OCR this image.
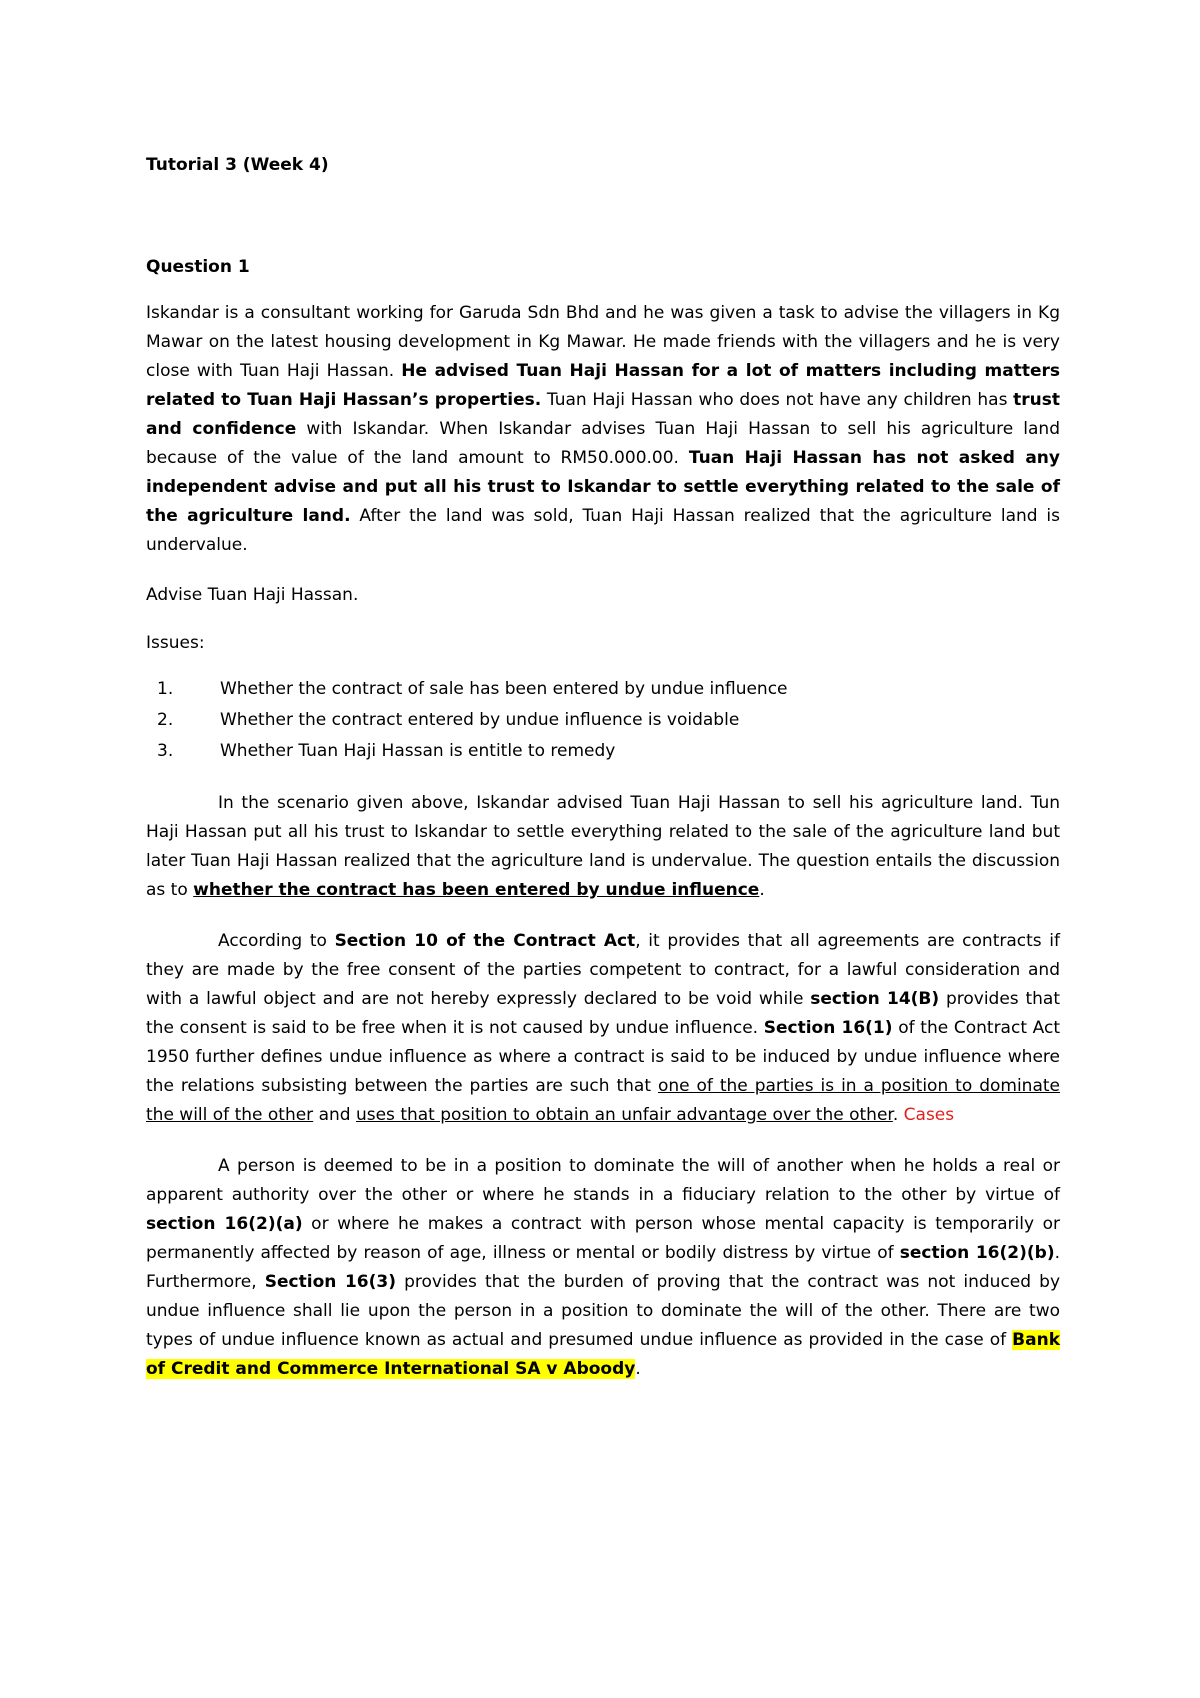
Tutorial 3 (Week 4)

Question 1

Iskandar is a consultant working for Garuda Sdn Bhd and he was given a task to advise the villagers in Kg Mawar on the latest housing development in Kg Mawar. He made friends with the villagers and he is very close with Tuan Haji Hassan. He advised Tuan Haji Hassan for a lot of matters including matters related to Tuan Haji Hassan’s properties. Tuan Haji Hassan who does not have any children has trust and confidence with Iskandar. When Iskandar advises Tuan Haji Hassan to sell his agriculture land because of the value of the land amount to RM50.000.00. Tuan Haji Hassan has not asked any independent advise and put all his trust to Iskandar to settle everything related to the sale of the agriculture land. After the land was sold, Tuan Haji Hassan realized that the agriculture land is undervalue.

Advise Tuan Haji Hassan.

Issues:

1.	Whether the contract of sale has been entered by undue influence
2.	Whether the contract entered by undue influence is voidable
3.	Whether Tuan Haji Hassan is entitle to remedy

In the scenario given above, Iskandar advised Tuan Haji Hassan to sell his agriculture land. Tun Haji Hassan put all his trust to Iskandar to settle everything related to the sale of the agriculture land but later Tuan Haji Hassan realized that the agriculture land is undervalue. The question entails the discussion as to whether the contract has been entered by undue influence.

According to Section 10 of the Contract Act, it provides that all agreements are contracts if they are made by the free consent of the parties competent to contract, for a lawful consideration and with a lawful object and are not hereby expressly declared to be void while section 14(B) provides that the consent is said to be free when it is not caused by undue influence. Section 16(1) of the Contract Act 1950 further defines undue influence as where a contract is said to be induced by undue influence where the relations subsisting between the parties are such that one of the parties is in a position to dominate the will of the other and uses that position to obtain an unfair advantage over the other. Cases

A person is deemed to be in a position to dominate the will of another when he holds a real or apparent authority over the other or where he stands in a fiduciary relation to the other by virtue of section 16(2)(a) or where he makes a contract with person whose mental capacity is temporarily or permanently affected by reason of age, illness or mental or bodily distress by virtue of section 16(2)(b). Furthermore, Section 16(3) provides that the burden of proving that the contract was not induced by undue influence shall lie upon the person in a position to dominate the will of the other. There are two types of undue influence known as actual and presumed undue influence as provided in the case of Bank of Credit and Commerce International SA v Aboody.
